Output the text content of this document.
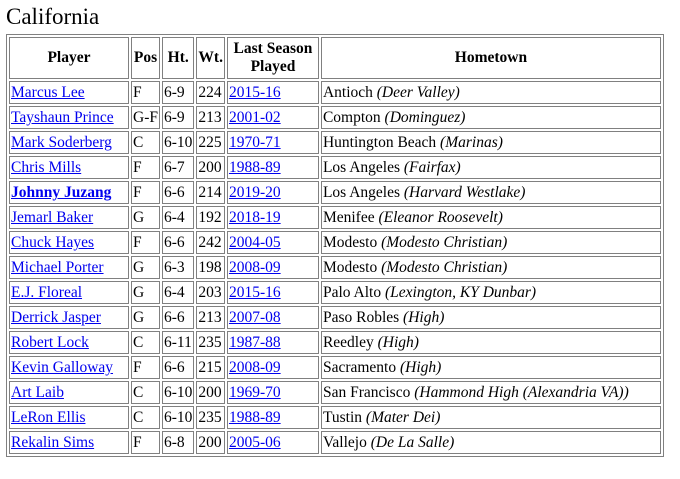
California
Player	Pos	Ht.	Wt.	Last Season Played	Hometown
Marcus Lee	F	6-9	224	2015-16	Antioch (Deer Valley)
Tayshaun Prince	G-F	6-9	213	2001-02	Compton (Dominguez)
Mark Soderberg	C	6-10	225	1970-71	Huntington Beach (Marinas)
Chris Mills	F	6-7	200	1988-89	Los Angeles (Fairfax)
Johnny Juzang	F	6-6	214	2019-20	Los Angeles (Harvard Westlake)
Jemarl Baker	G	6-4	192	2018-19	Menifee (Eleanor Roosevelt)
Chuck Hayes	F	6-6	242	2004-05	Modesto (Modesto Christian)
Michael Porter	G	6-3	198	2008-09	Modesto (Modesto Christian)
E.J. Floreal	G	6-4	203	2015-16	Palo Alto (Lexington, KY Dunbar)
Derrick Jasper	G	6-6	213	2007-08	Paso Robles (High)
Robert Lock	C	6-11	235	1987-88	Reedley (High)
Kevin Galloway	F	6-6	215	2008-09	Sacramento (High)
Art Laib	C	6-10	200	1969-70	San Francisco (Hammond High (Alexandria VA))
LeRon Ellis	C	6-10	235	1988-89	Tustin (Mater Dei)
Rekalin Sims	F	6-8	200	2005-06	Vallejo (De La Salle)
